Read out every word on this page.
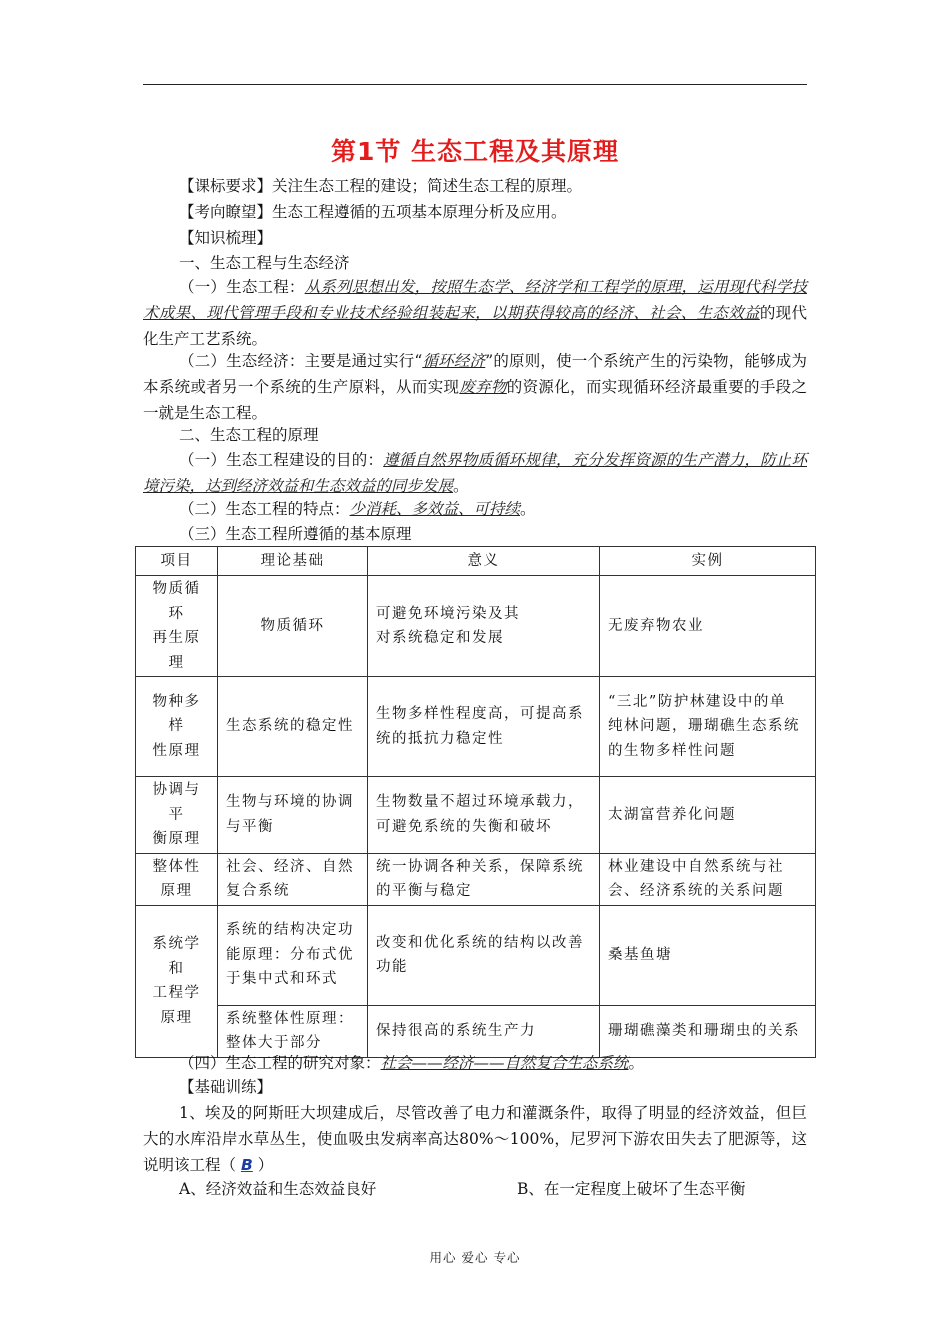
第1节 生态工程及其原理
【课标要求】关注生态工程的建设；简述生态工程的原理。
【考向瞭望】生态工程遵循的五项基本原理分析及应用。
【知识梳理】
一、生态工程与生态经济
（一）生态工程：从系列思想出发，按照生态学、经济学和工程学的原理，运用现代科学技术成果、现代管理手段和专业技术经验组装起来，以期获得较高的经济、社会、生态效益的现代化生产工艺系统。
（二）生态经济：主要是通过实行“循环经济”的原则，使一个系统产生的污染物，能够成为本系统或者另一个系统的生产原料，从而实现废弃物的资源化，而实现循环经济最重要的手段之一就是生态工程。
二、生态工程的原理
（一）生态工程建设的目的：遵循自然界物质循环规律，充分发挥资源的生产潜力，防止环境污染，达到经济效益和生态效益的同步发展。
（二）生态工程的特点：少消耗、多效益、可持续。
（三）生态工程所遵循的基本原理
项目	理论基础	意义	实例
物质循
环
再生原
理	物质循环	可避免环境污染及其
对系统稳定和发展	无废弃物农业
物种多
样
性原理	生态系统的稳定性	生物多样性程度高，可提高系统的抵抗力稳定性	“三北”防护林建设中的单
纯林问题，珊瑚礁生态系统的生物多样性问题
协调与
平
衡原理	生物与环境的协调
与平衡	生物数量不超过环境承载力，可避免系统的失衡和破坏	太湖富营养化问题
整体性
原理	社会、经济、自然复合系统	统一协调各种关系，保障系统的平衡与稳定	林业建设中自然系统与社会、经济系统的关系问题
系统学
和
工程学
原理	系统的结构决定功
能原理：分布式优于集中式和环式	改变和优化系统的结构以改善
功能	桑基鱼塘
	系统整体性原理：整体大于部分	保持很高的系统生产力	珊瑚礁藻类和珊瑚虫的关系
（四）生态工程的研究对象：社会——经济——自然复合生态系统。
【基础训练】
1、埃及的阿斯旺大坝建成后，尽管改善了电力和灌溉条件，取得了明显的经济效益，但巨大的水库沿岸水草丛生，使血吸虫发病率高达80%～100%，尼罗河下游农田失去了肥源等，这说明该工程（ B ）
A、经济效益和生态效益良好	B、在一定程度上破坏了生态平衡
用心 爱心 专心
